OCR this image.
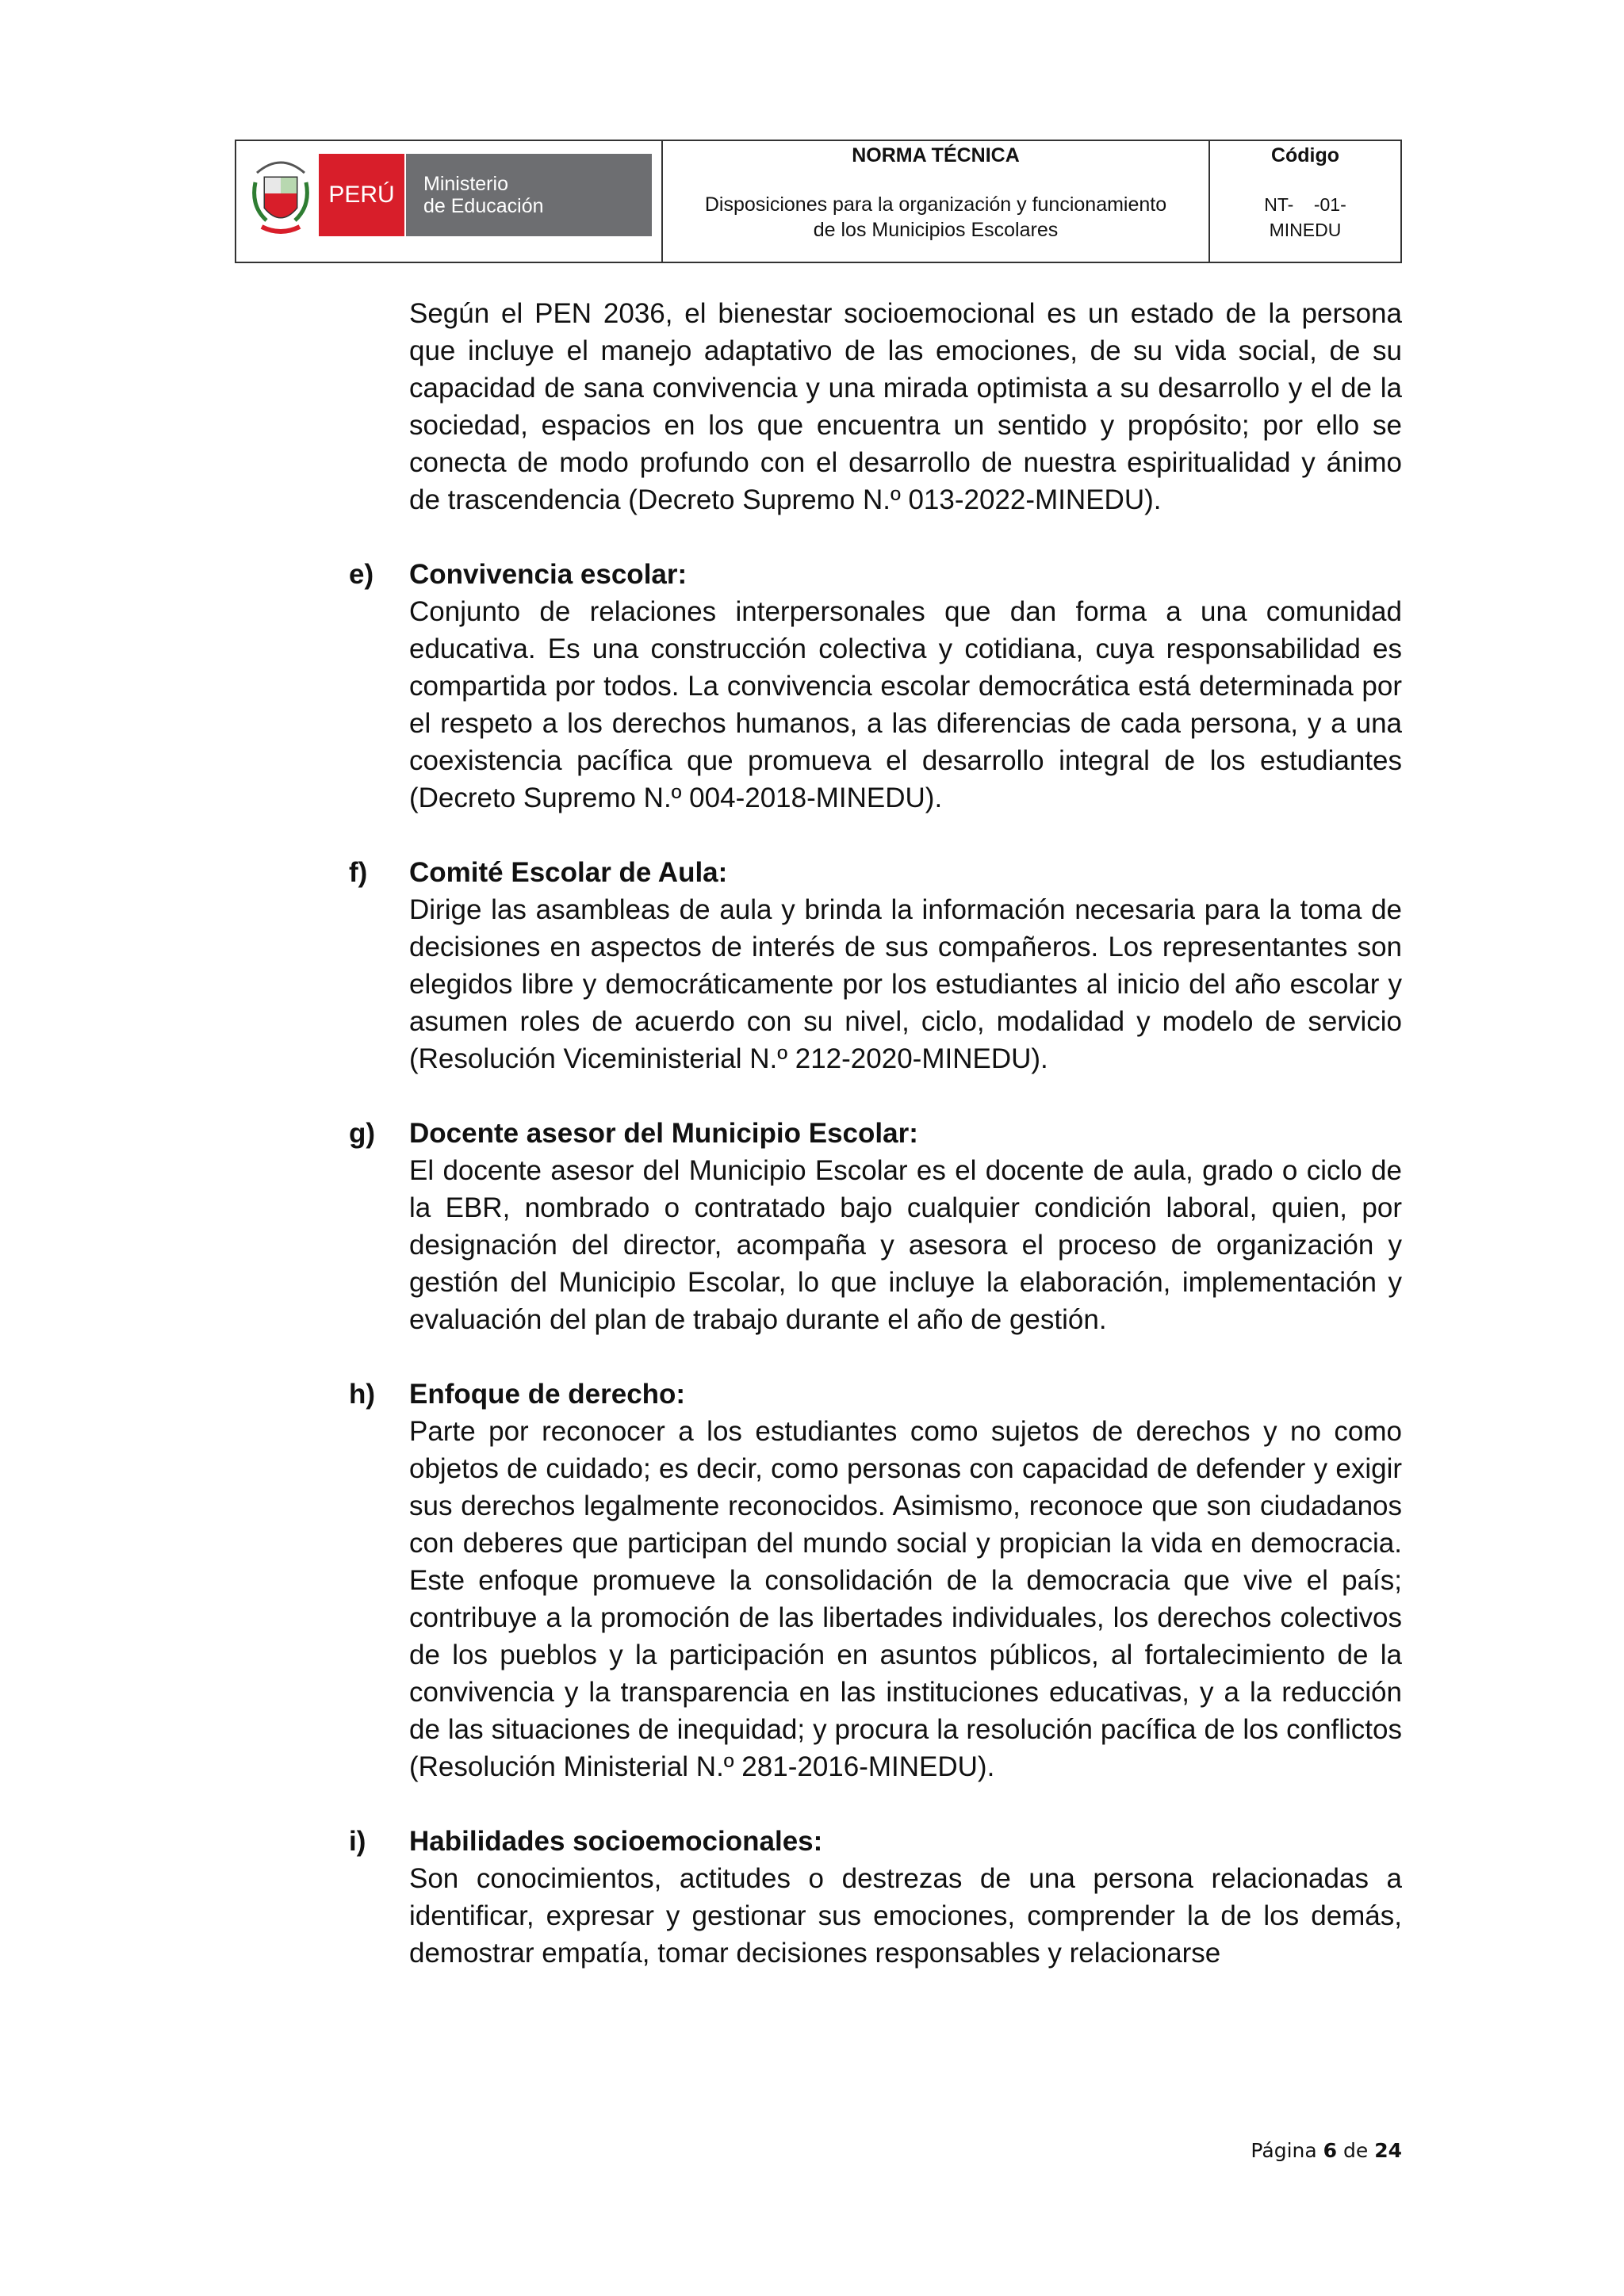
PERÚ Ministerio
de Educación
NORMA TÉCNICA
Disposiciones para la organización y funcionamiento
de los Municipios Escolares
Código
NT-    -01-
MINEDU

Según el PEN 2036, el bienestar socioemocional es un estado de la persona que incluye el manejo adaptativo de las emociones, de su vida social, de su capacidad de sana convivencia y una mirada optimista a su desarrollo y el de la sociedad, espacios en los que encuentra un sentido y propósito; por ello se conecta de modo profundo con el desarrollo de nuestra espiritualidad y ánimo de trascendencia (Decreto Supremo N.º 013-2022-MINEDU).

e) Convivencia escolar:

Conjunto de relaciones interpersonales que dan forma a una comunidad educativa. Es una construcción colectiva y cotidiana, cuya responsabilidad es compartida por todos. La convivencia escolar democrática está determinada por el respeto a los derechos humanos, a las diferencias de cada persona, y a una coexistencia pacífica que promueva el desarrollo integral de los estudiantes (Decreto Supremo N.º 004-2018-MINEDU).

f) Comité Escolar de Aula:

Dirige las asambleas de aula y brinda la información necesaria para la toma de decisiones en aspectos de interés de sus compañeros. Los representantes son elegidos libre y democráticamente por los estudiantes al inicio del año escolar y asumen roles de acuerdo con su nivel, ciclo, modalidad y modelo de servicio (Resolución Viceministerial N.º 212-2020-MINEDU).

g) Docente asesor del Municipio Escolar:

El docente asesor del Municipio Escolar es el docente de aula, grado o ciclo de la EBR, nombrado o contratado bajo cualquier condición laboral, quien, por designación del director, acompaña y asesora el proceso de organización y gestión del Municipio Escolar, lo que incluye la elaboración, implementación y evaluación del plan de trabajo durante el año de gestión.

h) Enfoque de derecho:

Parte por reconocer a los estudiantes como sujetos de derechos y no como objetos de cuidado; es decir, como personas con capacidad de defender y exigir sus derechos legalmente reconocidos. Asimismo, reconoce que son ciudadanos con deberes que participan del mundo social y propician la vida en democracia. Este enfoque promueve la consolidación de la democracia que vive el país; contribuye a la promoción de las libertades individuales, los derechos colectivos de los pueblos y la participación en asuntos públicos, al fortalecimiento de la convivencia y la transparencia en las instituciones educativas, y a la reducción de las situaciones de inequidad; y procura la resolución pacífica de los conflictos (Resolución Ministerial N.º 281-2016-MINEDU).

i) Habilidades socioemocionales:

Son conocimientos, actitudes o destrezas de una persona relacionadas a identificar, expresar y gestionar sus emociones, comprender la de los demás, demostrar empatía, tomar decisiones responsables y relacionarse

Página 6 de 24
